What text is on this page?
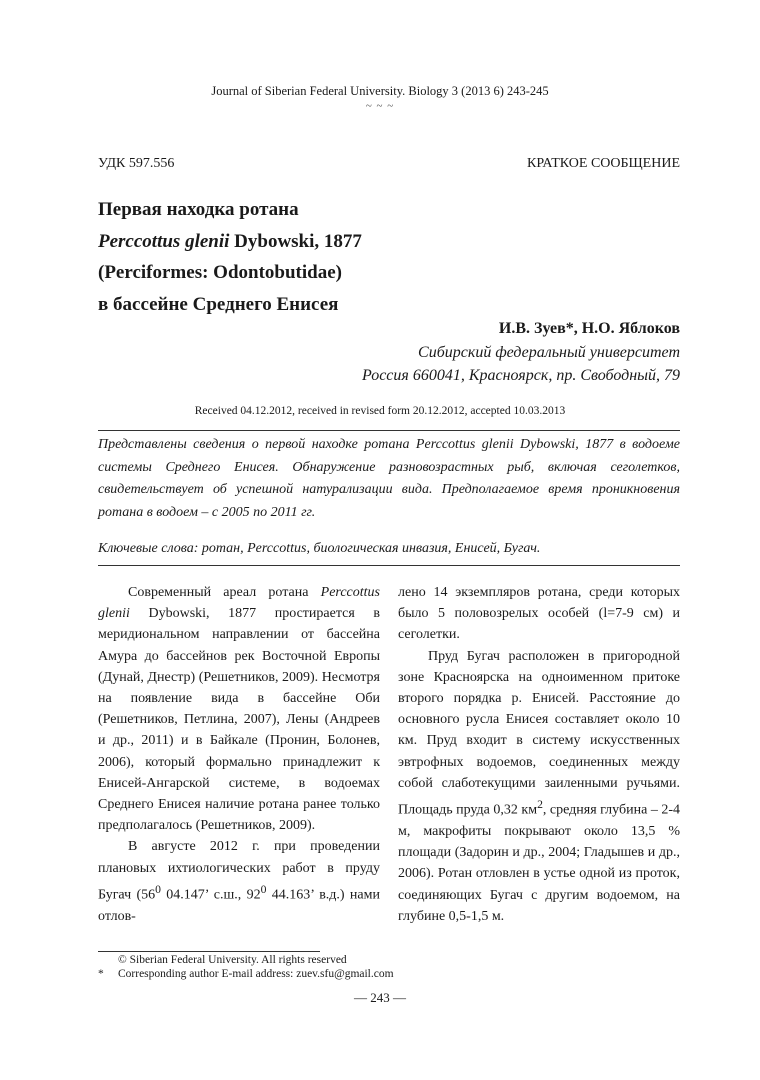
Journal of Siberian Federal University. Biology 3 (2013 6) 243-245
~ ~ ~
УДК 597.556	КРАТКОЕ СООБЩЕНИЕ
Первая находка ротана
Perccottus glenii Dybowski, 1877
(Perciformes: Odontobutidae)
в бассейне Среднего Енисея
И.В. Зуев*, Н.О. Яблоков
Сибирский федеральный университет
Россия 660041, Красноярск, пр. Свободный, 79
Received 04.12.2012, received in revised form 20.12.2012, accepted 10.03.2013
Представлены сведения о первой находке ротана Perccottus glenii Dybowski, 1877 в водоеме системы Среднего Енисея. Обнаружение разновозрастных рыб, включая сеголетков, свидетельствует об успешной натурализации вида. Предполагаемое время проникновения ротана в водоем – с 2005 по 2011 гг.
Ключевые слова: ротан, Perccottus, биологическая инвазия, Енисей, Бугач.

Современный ареал ротана Perccottus glenii Dybowski, 1877 простирается в меридиональном направлении от бассейна Амура до бассейнов рек Восточной Европы (Дунай, Днестр) (Решетников, 2009). Несмотря на появление вида в бассейне Оби (Решетников, Петлина, 2007), Лены (Андреев и др., 2011) и в Байкале (Пронин, Болонев, 2006), который формально принадлежит к Енисей-Ангарской системе, в водоемах Среднего Енисея наличие ротана ранее только предполагалось (Решетников, 2009).

В августе 2012 г. при проведении плановых ихтиологических работ в пруду Бугач ($56^0$ 04.147’ с.ш., $92^0$ 44.163’ в.д.) нами отлов-

лено 14 экземпляров ротана, среди которых было 5 половозрелых особей (l=7-9 см) и сеголетки.

Пруд Бугач расположен в пригородной зоне Красноярска на одноименном притоке второго порядка р. Енисей. Расстояние до основного русла Енисея составляет около 10 км. Пруд входит в систему искусственных эвтрофных водоемов, соединенных между собой слаботекущими заиленными ручьями. Площадь пруда 0,32 $км^2$, средняя глубина – 2-4 м, макрофиты покрывают около 13,5 % площади (Задорин и др., 2004; Гладышев и др., 2006). Ротан отловлен в устье одной из проток, соединяющих Бугач с другим водоемом, на глубине 0,5-1,5 м.

© Siberian Federal University. All rights reserved
* Corresponding author E-mail address: zuev.sfu@gmail.com
— 243 —
